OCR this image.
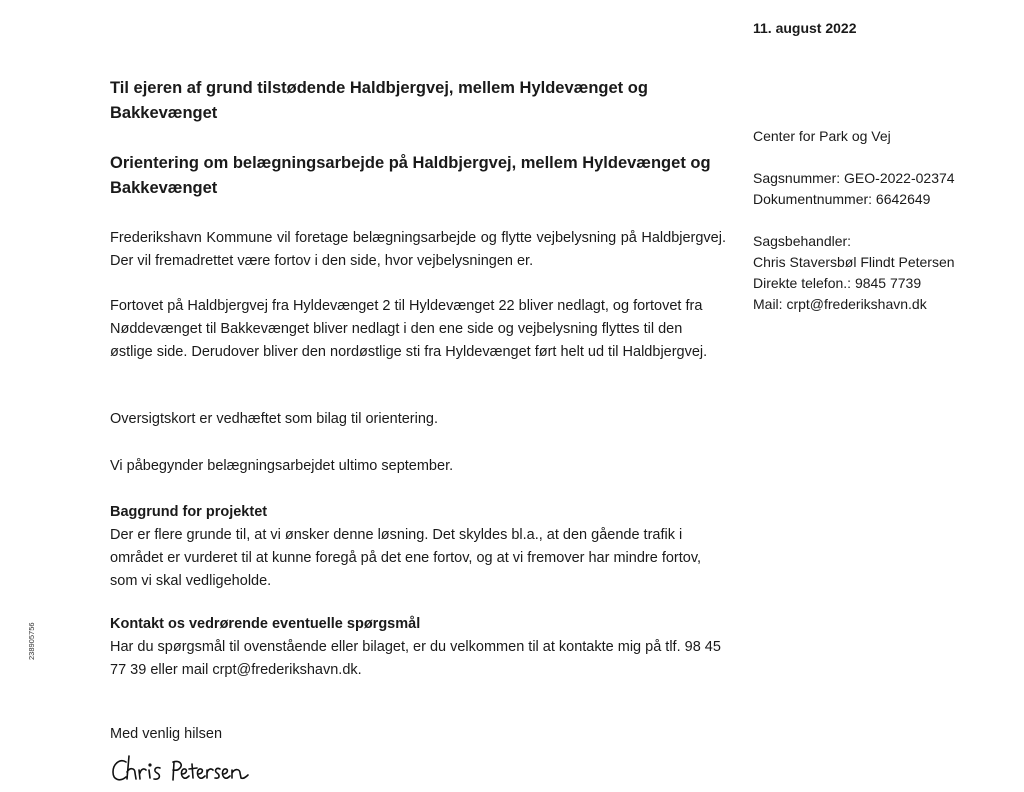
11. august 2022

Til ejeren af grund tilstødende Haldbjergvej, mellem Hyldevænget og Bakkevænget

Orientering om belægningsarbejde på Haldbjergvej, mellem Hyldevænget og Bakkevænget

Frederikshavn Kommune vil foretage belægningsarbejde og flytte vejbelysning på Haldbjergvej. Der vil fremadrettet være fortov i den side, hvor vejbelysningen er.

Fortovet på Haldbjergvej fra Hyldevænget 2 til Hyldevænget 22 bliver nedlagt, og fortovet fra Nøddevænget til Bakkevænget bliver nedlagt i den ene side og vejbelysning flyttes til den østlige side. Derudover bliver den nordøstlige sti fra Hyldevænget ført helt ud til Haldbjergvej.

Oversigtskort er vedhæftet som bilag til orientering.

Vi påbegynder belægningsarbejdet ultimo september.

Baggrund for projektet
Der er flere grunde til, at vi ønsker denne løsning. Det skyldes bl.a., at den gående trafik i området er vurderet til at kunne foregå på det ene fortov, og at vi fremover har mindre fortov, som vi skal vedligeholde.
Kontakt os vedrørende eventuelle spørgsmål
Har du spørgsmål til ovenstående eller bilaget, er du velkommen til at kontakte mig på tlf. 98 45 77 39 eller mail crpt@frederikshavn.dk.
Med venlig hilsen
Center for Park og Vej
Sagsnummer: GEO-2022-02374
Dokumentnummer: 6642649
Sagsbehandler:
Chris Staversbøl Flindt Petersen
Direkte telefon.: 9845 7739
Mail: crpt@frederikshavn.dk
238905756
